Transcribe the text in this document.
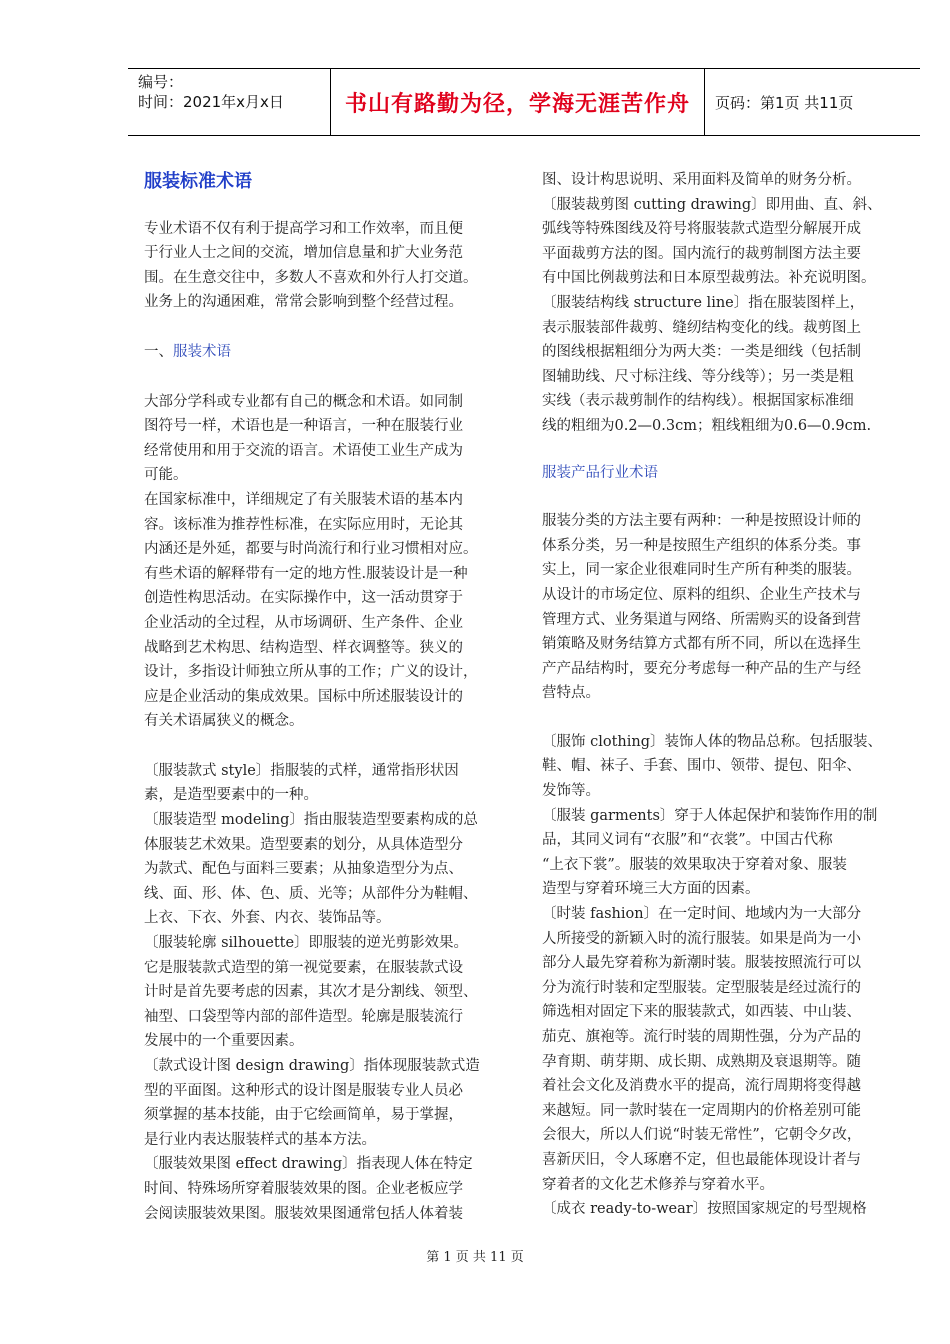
编号：
时间：2021年x月x日	书山有路勤为径，学海无涯苦作舟 页码：第1页 共11页

服装标准术语

专业术语不仅有利于提高学习和工作效率，而且便
于行业人士之间的交流，增加信息量和扩大业务范
围。在生意交往中，多数人不喜欢和外行人打交道。
业务上的沟通困难，常常会影响到整个经营过程。

一、服装术语

大部分学科或专业都有自己的概念和术语。如同制
图符号一样，术语也是一种语言，一种在服装行业
经常使用和用于交流的语言。术语使工业生产成为
可能。
在国家标准中，详细规定了有关服装术语的基本内
容。该标准为推荐性标准，在实际应用时，无论其
内涵还是外延，都要与时尚流行和行业习惯相对应。
有些术语的解释带有一定的地方性.服装设计是一种
创造性构思活动。在实际操作中，这一活动贯穿于
企业活动的全过程，从市场调研、生产条件、企业
战略到艺术构思、结构造型、样衣调整等。狭义的
设计，多指设计师独立所从事的工作；广义的设计，
应是企业活动的集成效果。国标中所述服装设计的
有关术语属狭义的概念。

〔服装款式 style〕指服装的式样，通常指形状因
素，是造型要素中的一种。
〔服装造型 modeling〕指由服装造型要素构成的总
体服装艺术效果。造型要素的划分，从具体造型分
为款式、配色与面料三要素；从抽象造型分为点、
线、面、形、体、色、质、光等；从部件分为鞋帽、
上衣、下衣、外套、内衣、装饰品等。
〔服装轮廓 silhouette〕即服装的逆光剪影效果。
它是服装款式造型的第一视觉要素，在服装款式设
计时是首先要考虑的因素，其次才是分割线、领型、
袖型、口袋型等内部的部件造型。轮廓是服装流行
发展中的一个重要因素。
〔款式设计图 design drawing〕指体现服装款式造
型的平面图。这种形式的设计图是服装专业人员必
须掌握的基本技能，由于它绘画简单，易于掌握，
是行业内表达服装样式的基本方法。
〔服装效果图 effect drawing〕指表现人体在特定
时间、特殊场所穿着服装效果的图。企业老板应学
会阅读服装效果图。服装效果图通常包括人体着装

图、设计构思说明、采用面料及简单的财务分析。
〔服装裁剪图 cutting drawing〕即用曲、直、斜、
弧线等特殊图线及符号将服装款式造型分解展开成
平面裁剪方法的图。国内流行的裁剪制图方法主要
有中国比例裁剪法和日本原型裁剪法。补充说明图。
〔服装结构线 structure line〕指在服装图样上，
表示服装部件裁剪、缝纫结构变化的线。裁剪图上
的图线根据粗细分为两大类：一类是细线（包括制
图辅助线、尺寸标注线、等分线等）；另一类是粗
实线（表示裁剪制作的结构线）。根据国家标准细
线的粗细为0.2—0.3cm；粗线粗细为0.6—0.9cm.

服装产品行业术语

服装分类的方法主要有两种：一种是按照设计师的
体系分类，另一种是按照生产组织的体系分类。事
实上，同一家企业很难同时生产所有种类的服装。
从设计的市场定位、原料的组织、企业生产技术与
管理方式、业务渠道与网络、所需购买的设备到营
销策略及财务结算方式都有所不同，所以在选择生
产产品结构时，要充分考虑每一种产品的生产与经
营特点。

〔服饰 clothing〕装饰人体的物品总称。包括服装、
鞋、帽、袜子、手套、围巾、领带、提包、阳伞、
发饰等。
〔服装 garments〕穿于人体起保护和装饰作用的制
品，其同义词有“衣服”和“衣裳”。中国古代称
“上衣下裳”。服装的效果取决于穿着对象、服装
造型与穿着环境三大方面的因素。
〔时装 fashion〕在一定时间、地域内为一大部分
人所接受的新颖入时的流行服装。如果是尚为一小
部分人最先穿着称为新潮时装。服装按照流行可以
分为流行时装和定型服装。定型服装是经过流行的
筛选相对固定下来的服装款式，如西装、中山装、
茄克、旗袍等。流行时装的周期性强，分为产品的
孕育期、萌芽期、成长期、成熟期及衰退期等。随
着社会文化及消费水平的提高，流行周期将变得越
来越短。同一款时装在一定周期内的价格差别可能
会很大，所以人们说“时装无常性”，它朝令夕改，
喜新厌旧，令人琢磨不定，但也最能体现设计者与
穿着者的文化艺术修养与穿着水平。
〔成衣 ready-to-wear〕按照国家规定的号型规格

第 1 页 共 11 页
